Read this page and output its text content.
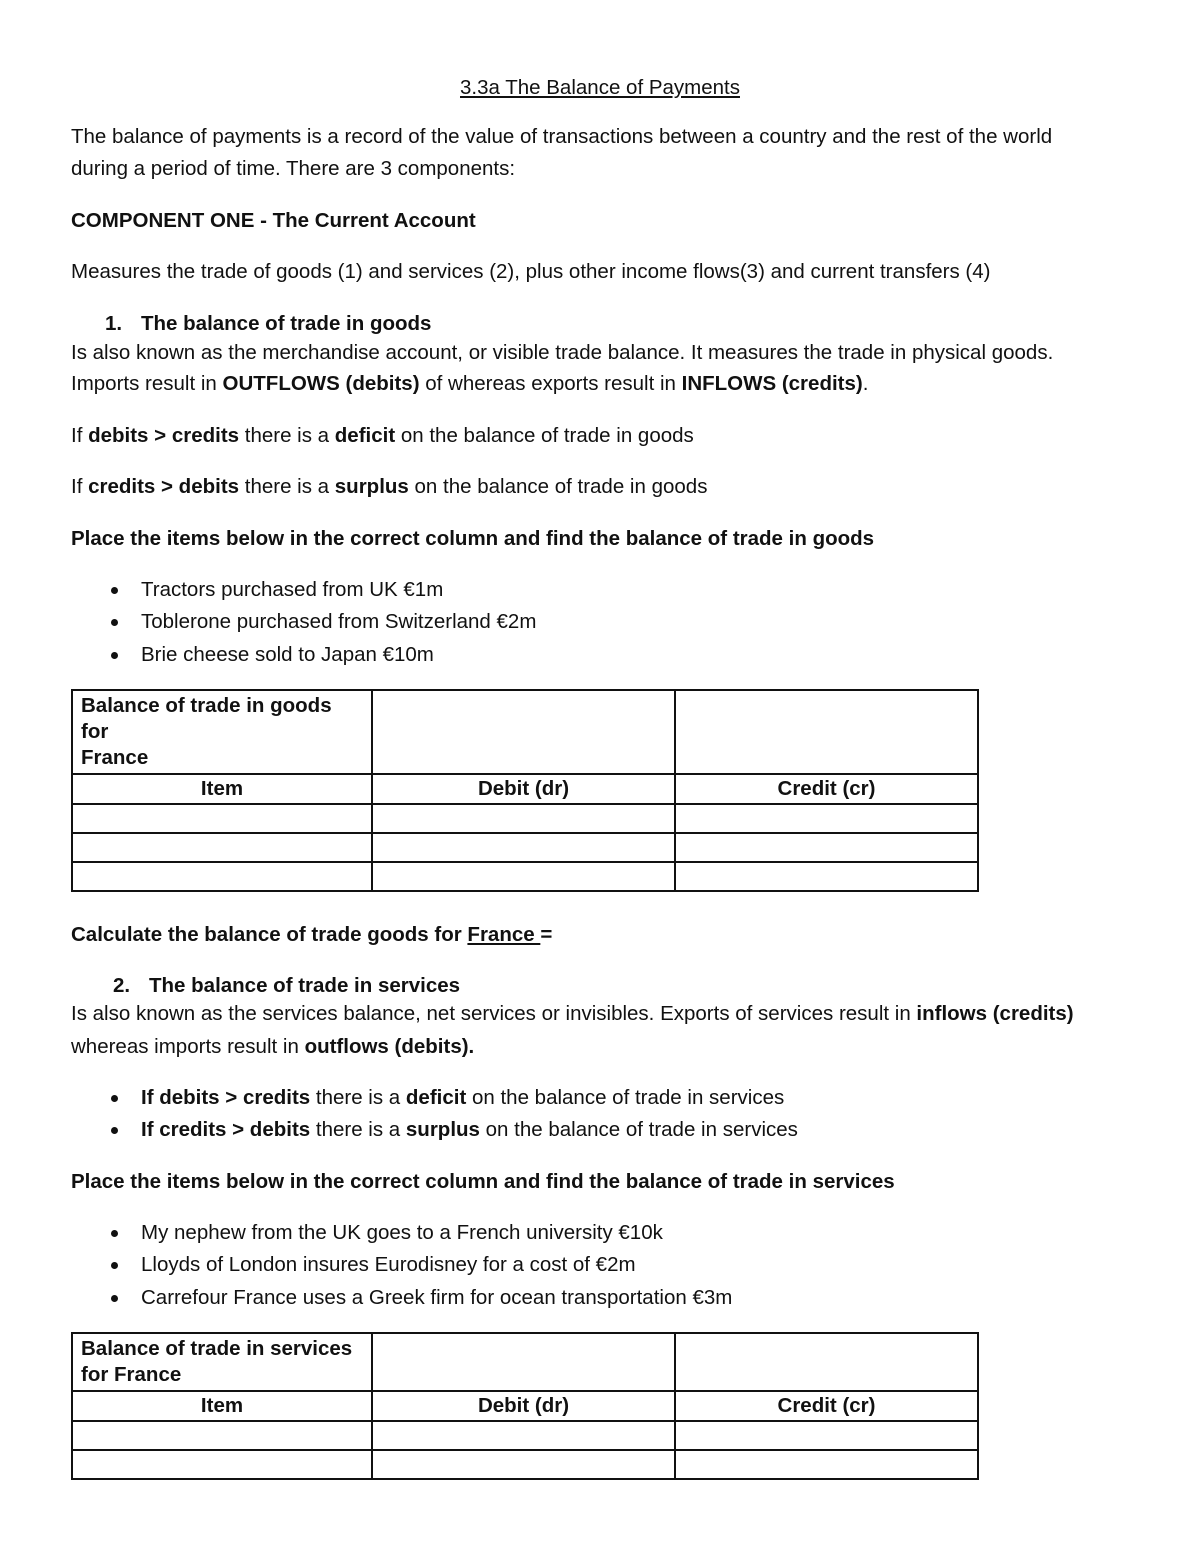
3.3a The Balance of Payments
The balance of payments is a record of the value of transactions between a country and the rest of the world
during a period of time. There are 3 components:
COMPONENT ONE - The Current Account
Measures the trade of goods (1) and services (2), plus other income flows(3) and current transfers (4)
1. The balance of trade in goods
Is also known as the merchandise account, or visible trade balance. It measures the trade in physical goods.
Imports result in OUTFLOWS (debits) of whereas exports result in INFLOWS (credits).
If debits > credits there is a deficit on the balance of trade in goods
If credits > debits there is a surplus on the balance of trade in goods
Place the items below in the correct column and find the balance of trade in goods
Tractors purchased from UK €1m
Toblerone purchased from Switzerland €2m
Brie cheese sold to Japan €10m
Balance of trade in goods for
France		
Item	Debit (dr)	Credit (cr)

Calculate the balance of trade goods for France =
2. The balance of trade in services
Is also known as the services balance, net services or invisibles. Exports of services result in inflows (credits)
whereas imports result in outflows (debits).
If debits > credits there is a deficit on the balance of trade in services
If credits > debits there is a surplus on the balance of trade in services
Place the items below in the correct column and find the balance of trade in services
My nephew from the UK goes to a French university €10k
Lloyds of London insures Eurodisney for a cost of €2m
Carrefour France uses a Greek firm for ocean transportation €3m
Balance of trade in services
for France		
Item	Debit (dr)	Credit (cr)
